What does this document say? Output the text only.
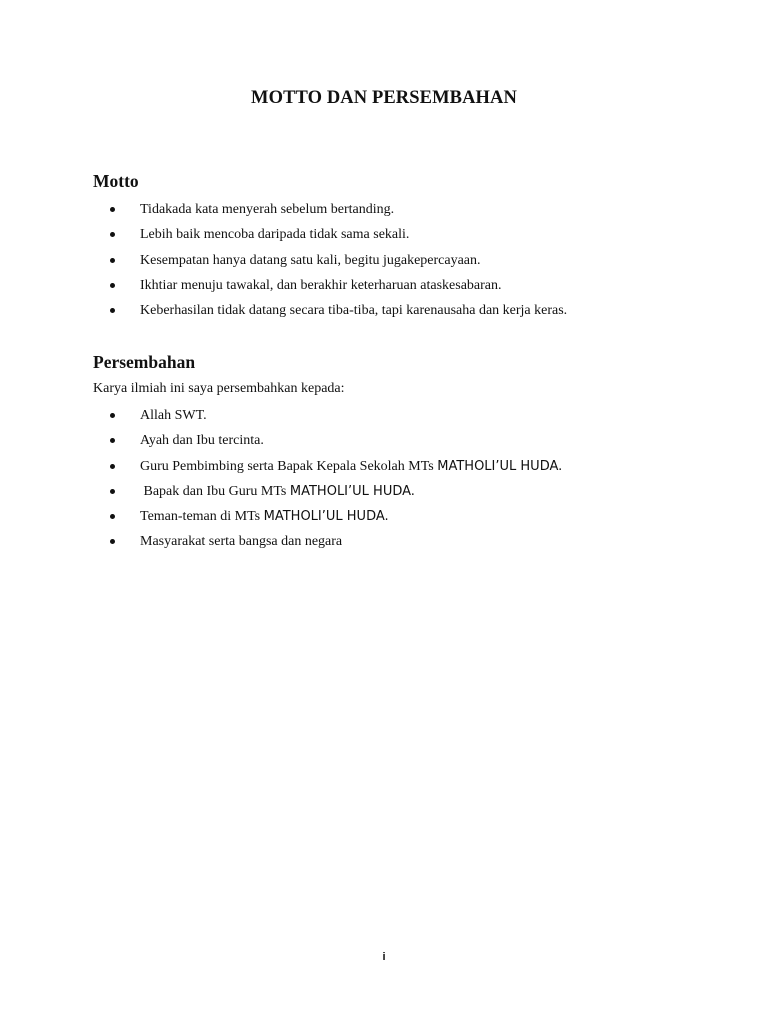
MOTTO DAN PERSEMBAHAN
Motto
Tidakada kata menyerah sebelum bertanding.
Lebih baik mencoba daripada tidak sama sekali.
Kesempatan hanya datang satu kali, begitu jugakepercayaan.
Ikhtiar menuju tawakal, dan berakhir keterharuan ataskesabaran.
Keberhasilan tidak datang secara tiba-tiba, tapi karenausaha dan kerja keras.
Persembahan
Karya ilmiah ini saya persembahkan kepada:
Allah SWT.
Ayah dan Ibu tercinta.
Guru Pembimbing serta Bapak Kepala Sekolah MTs MATHOLI’UL HUDA.
Bapak dan Ibu Guru MTs MATHOLI’UL HUDA.
Teman-teman di MTs MATHOLI’UL HUDA.
Masyarakat serta bangsa dan negara
i
